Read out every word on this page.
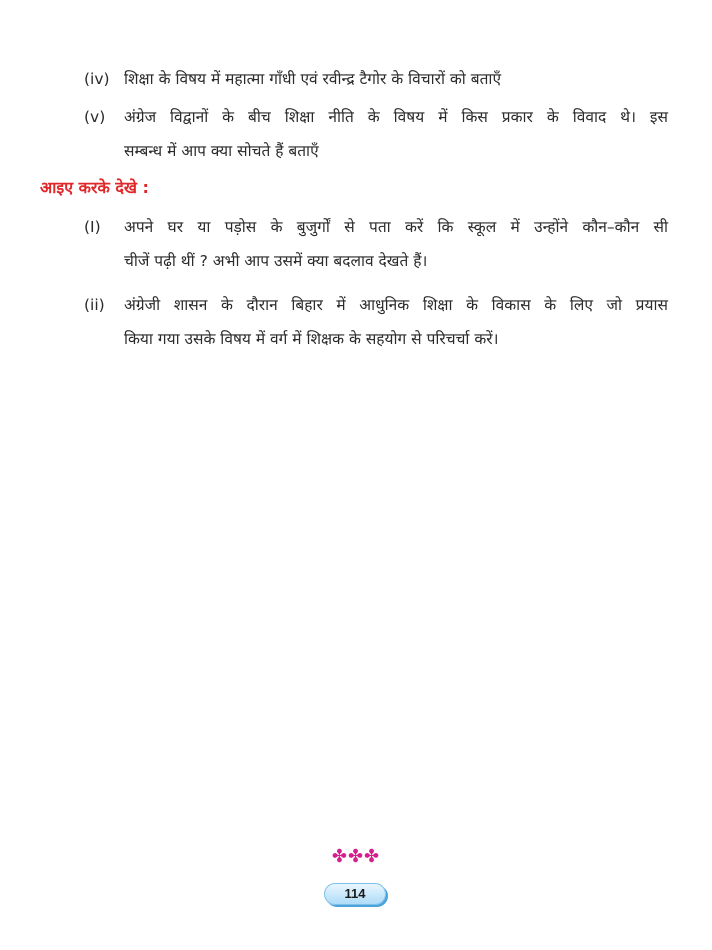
(iv) शिक्षा के विषय में महात्मा गाँधी एवं रवीन्द्र टैगोर के विचारों को बताएँ
(v) अंग्रेज विद्वानों के बीच शिक्षा नीति के विषय में किस प्रकार के विवाद थे। इस
सम्बन्ध में आप क्या सोचते हैं बताएँ
आइए करके देखे :
(I) अपने घर या पड़ोस के बुजुर्गों से पता करें कि स्कूल में उन्होंने कौन–कौन सी
चीजें पढ़ी थीं ? अभी आप उसमें क्या बदलाव देखते हैं।
(ii) अंग्रेजी शासन के दौरान बिहार में आधुनिक शिक्षा के विकास के लिए जो प्रयास
किया गया उसके विषय में वर्ग में शिक्षक के सहयोग से परिचर्चा करें।
✤✤✤
114
